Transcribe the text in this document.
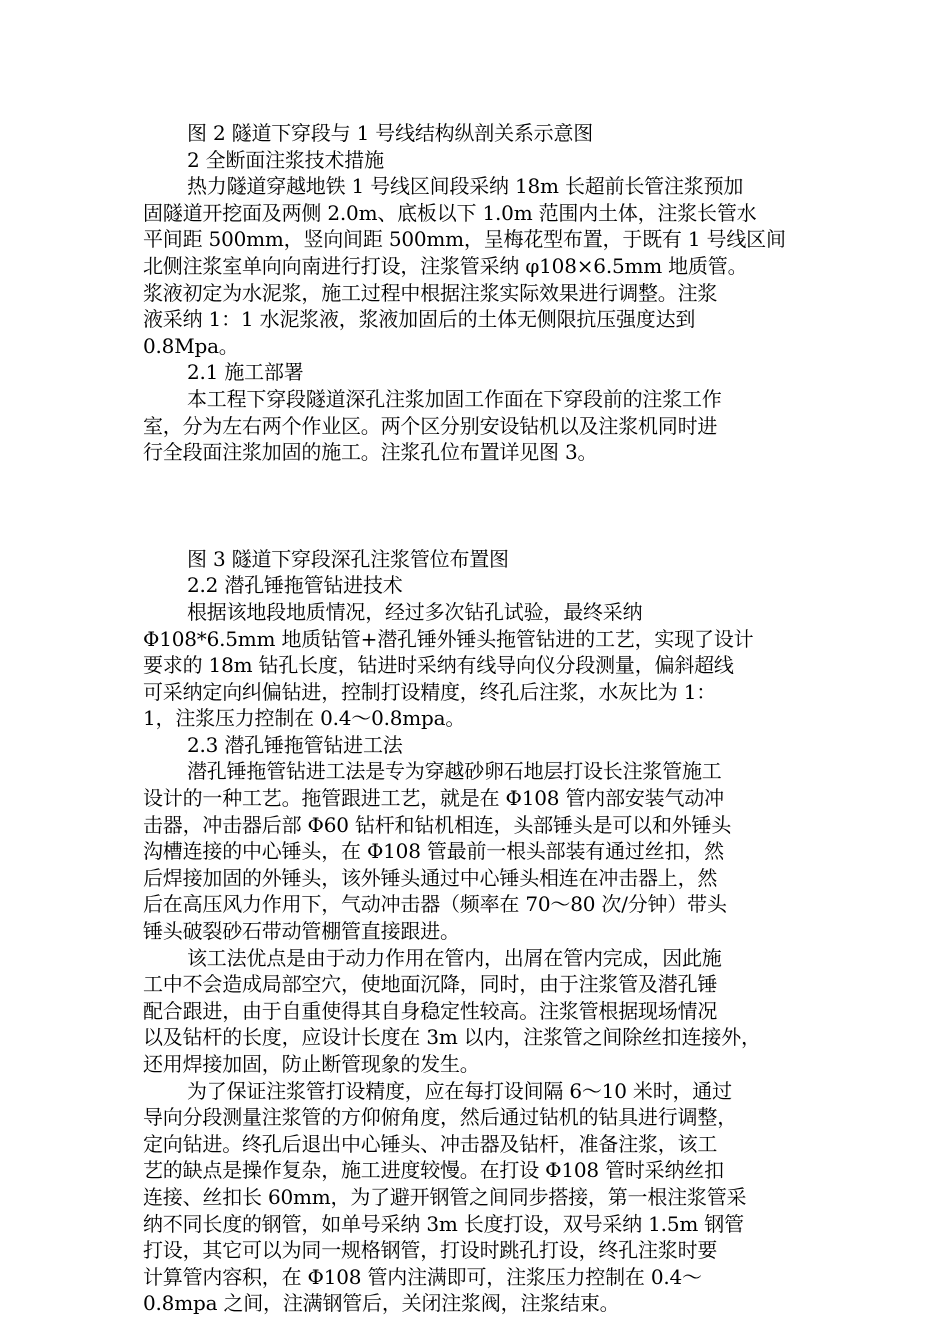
图 2 隧道下穿段与 1 号线结构纵剖关系示意图
2 全断面注浆技术措施
热力隧道穿越地铁 1 号线区间段采纳 18m 长超前长管注浆预加
固隧道开挖面及两侧 2.0m、底板以下 1.0m 范围内土体，注浆长管水
平间距 500mm，竖向间距 500mm，呈梅花型布置，于既有 1 号线区间
北侧注浆室单向向南进行打设，注浆管采纳 φ108×6.5mm 地质管。
浆液初定为水泥浆，施工过程中根据注浆实际效果进行调整。注浆
液采纳 1：1 水泥浆液，浆液加固后的土体无侧限抗压强度达到
0.8Mpa。
2.1 施工部署
本工程下穿段隧道深孔注浆加固工作面在下穿段前的注浆工作
室，分为左右两个作业区。两个区分别安设钻机以及注浆机同时进
行全段面注浆加固的施工。注浆孔位布置详见图 3。
图 3 隧道下穿段深孔注浆管位布置图
2.2 潜孔锤拖管钻进技术
根据该地段地质情况，经过多次钻孔试验，最终采纳
Φ108*6.5mm 地质钻管+潜孔锤外锤头拖管钻进的工艺，实现了设计
要求的 18m 钻孔长度，钻进时采纳有线导向仪分段测量，偏斜超线
可采纳定向纠偏钻进，控制打设精度，终孔后注浆，水灰比为 1：
1，注浆压力控制在 0.4～0.8mpa。
2.3 潜孔锤拖管钻进工法
潜孔锤拖管钻进工法是专为穿越砂卵石地层打设长注浆管施工
设计的一种工艺。拖管跟进工艺，就是在 Φ108 管内部安装气动冲
击器，冲击器后部 Φ60 钻杆和钻机相连，头部锤头是可以和外锤头
沟槽连接的中心锤头，在 Φ108 管最前一根头部装有通过丝扣，然
后焊接加固的外锤头，该外锤头通过中心锤头相连在冲击器上，然
后在高压风力作用下，气动冲击器（频率在 70～80 次/分钟）带头
锤头破裂砂石带动管棚管直接跟进。
该工法优点是由于动力作用在管内，出屑在管内完成，因此施
工中不会造成局部空穴，使地面沉降，同时，由于注浆管及潜孔锤
配合跟进，由于自重使得其自身稳定性较高。注浆管根据现场情况
以及钻杆的长度，应设计长度在 3m 以内，注浆管之间除丝扣连接外，
还用焊接加固，防止断管现象的发生。
为了保证注浆管打设精度，应在每打设间隔 6～10 米时，通过
导向分段测量注浆管的方仰俯角度，然后通过钻机的钻具进行调整，
定向钻进。终孔后退出中心锤头、冲击器及钻杆，准备注浆，该工
艺的缺点是操作复杂，施工进度较慢。在打设 Φ108 管时采纳丝扣
连接、丝扣长 60mm，为了避开钢管之间同步搭接，第一根注浆管采
纳不同长度的钢管，如单号采纳 3m 长度打设，双号采纳 1.5m 钢管
打设，其它可以为同一规格钢管，打设时跳孔打设，终孔注浆时要
计算管内容积，在 Φ108 管内注满即可，注浆压力控制在 0.4～
0.8mpa 之间，注满钢管后，关闭注浆阀，注浆结束。
